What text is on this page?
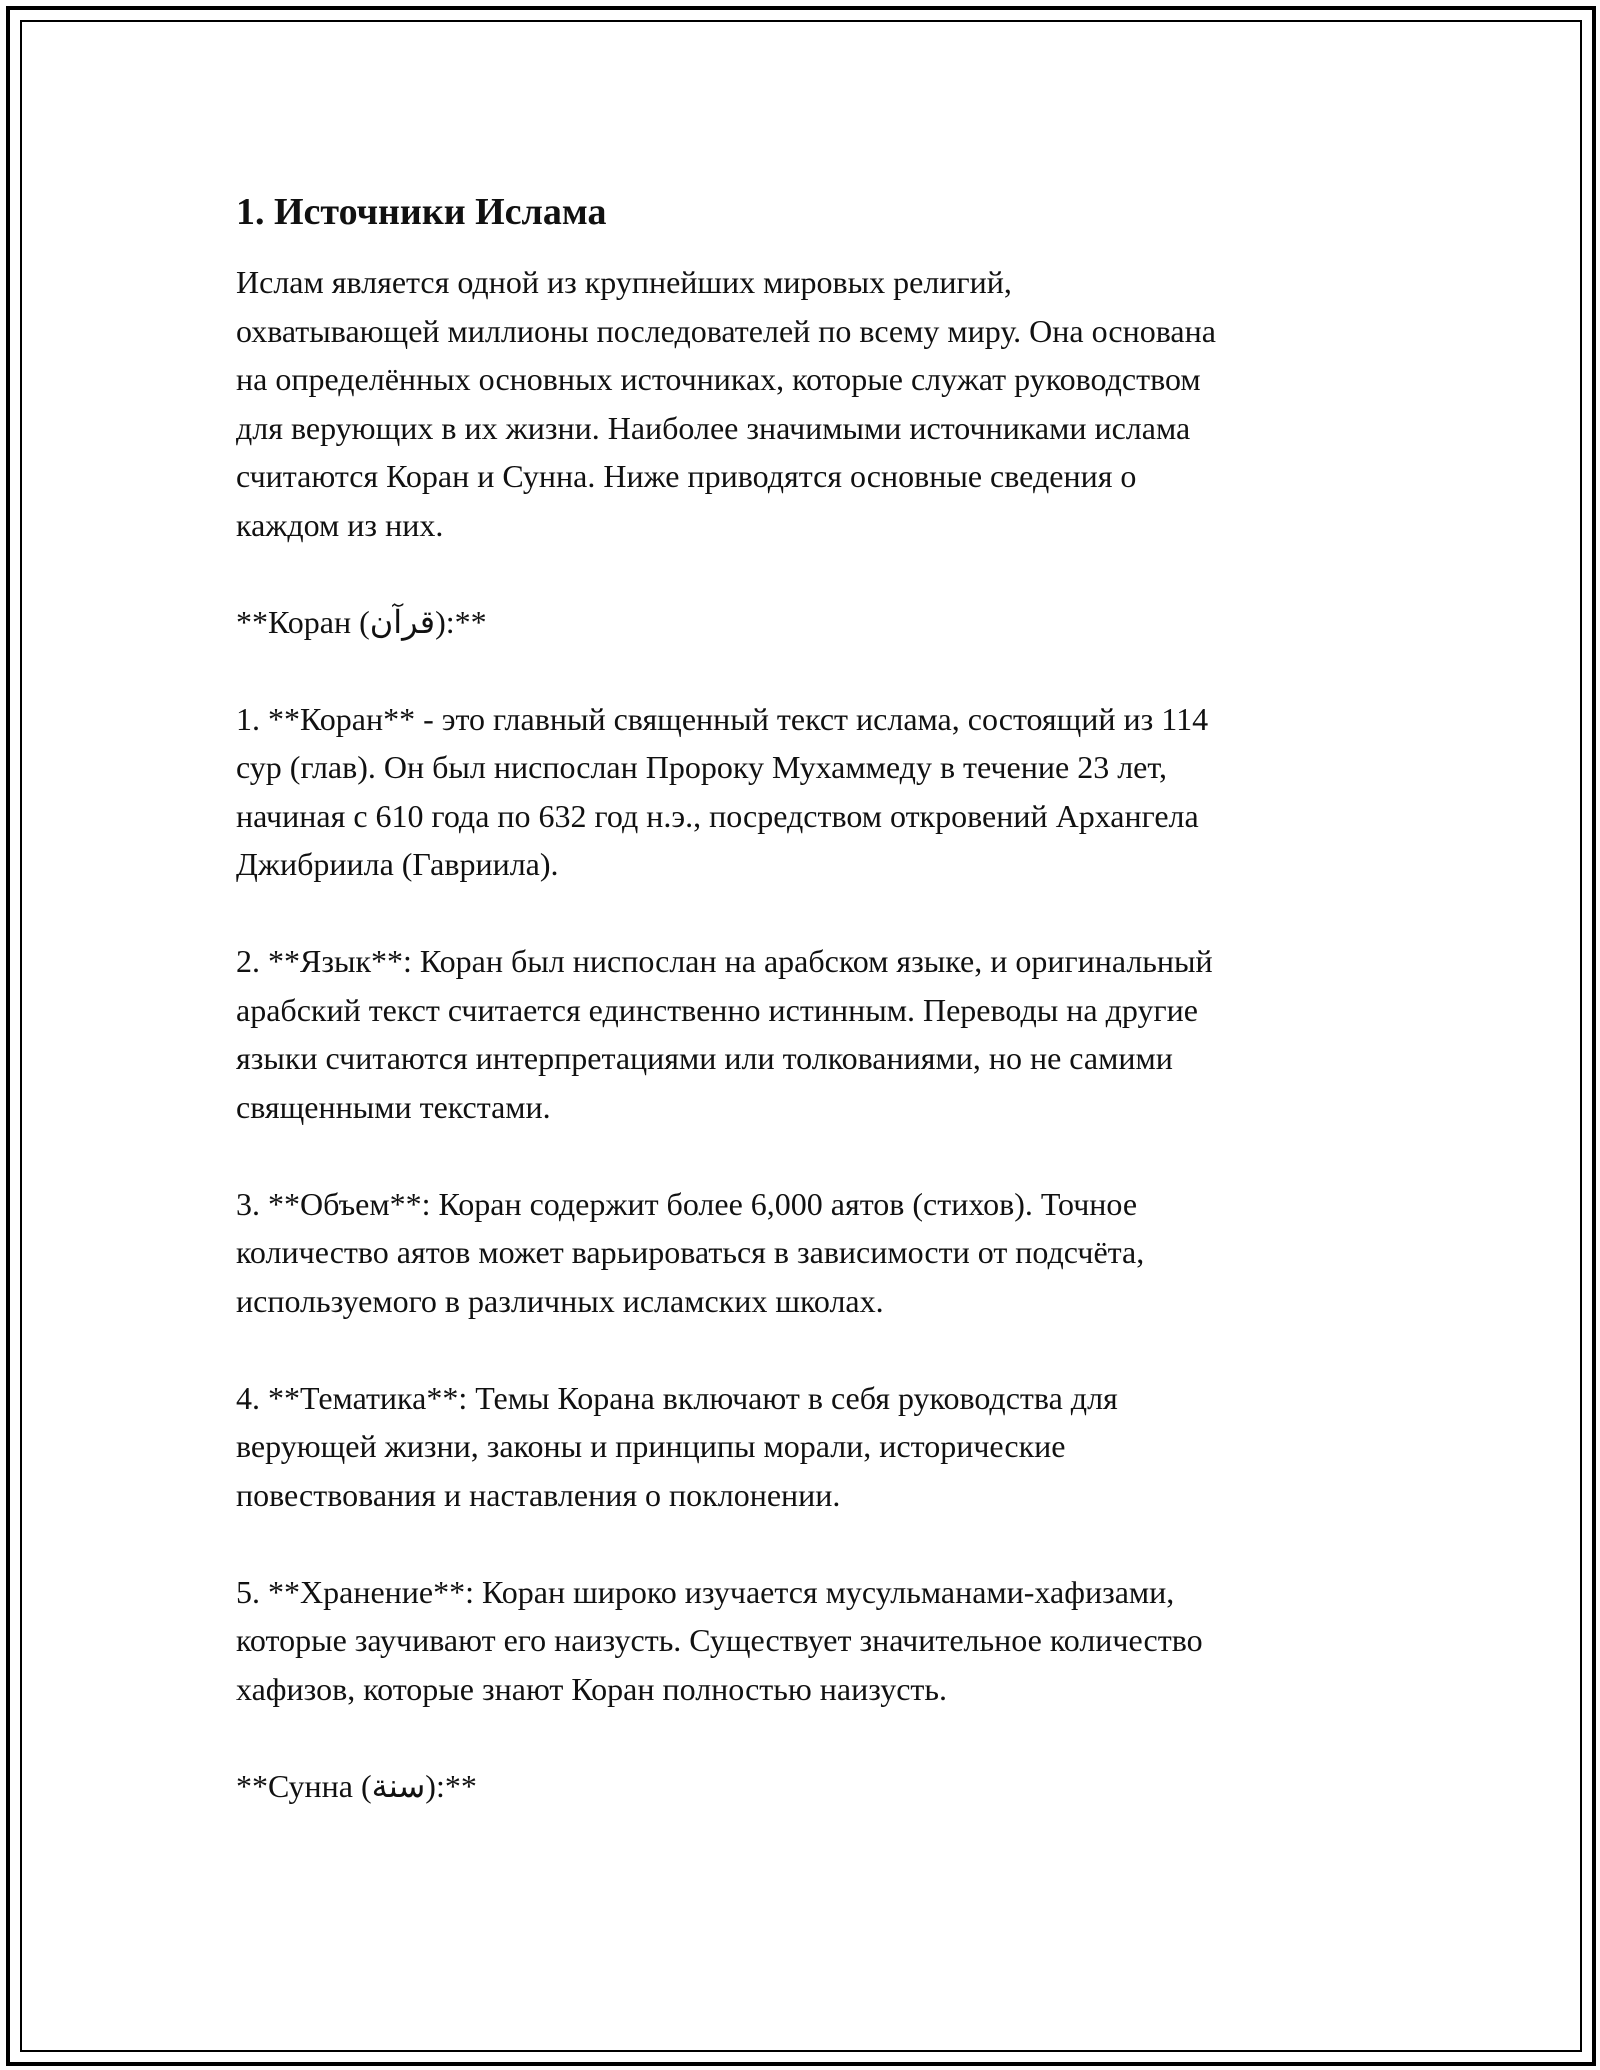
1. Источники Ислама
Ислам является одной из крупнейших мировых религий,
охватывающей миллионы последователей по всему миру. Она основана
на определённых основных источниках, которые служат руководством
для верующих в их жизни. Наиболее значимыми источниками ислама
считаются Коран и Сунна. Ниже приводятся основные сведения о
каждом из них.
**Коран (قرآن):**
1. **Коран** - это главный священный текст ислама, состоящий из 114
сур (глав). Он был ниспослан Пророку Мухаммеду в течение 23 лет,
начиная с 610 года по 632 год н.э., посредством откровений Архангела
Джибриила (Гавриила).
2. **Язык**: Коран был ниспослан на арабском языке, и оригинальный
арабский текст считается единственно истинным. Переводы на другие
языки считаются интерпретациями или толкованиями, но не самими
священными текстами.
3. **Объем**: Коран содержит более 6,000 аятов (стихов). Точное
количество аятов может варьироваться в зависимости от подсчёта,
используемого в различных исламских школах.
4. **Тематика**: Темы Корана включают в себя руководства для
верующей жизни, законы и принципы морали, исторические
повествования и наставления о поклонении.
5. **Хранение**: Коран широко изучается мусульманами-хафизами,
которые заучивают его наизусть. Существует значительное количество
хафизов, которые знают Коран полностью наизусть.
**Сунна (سنة):**
